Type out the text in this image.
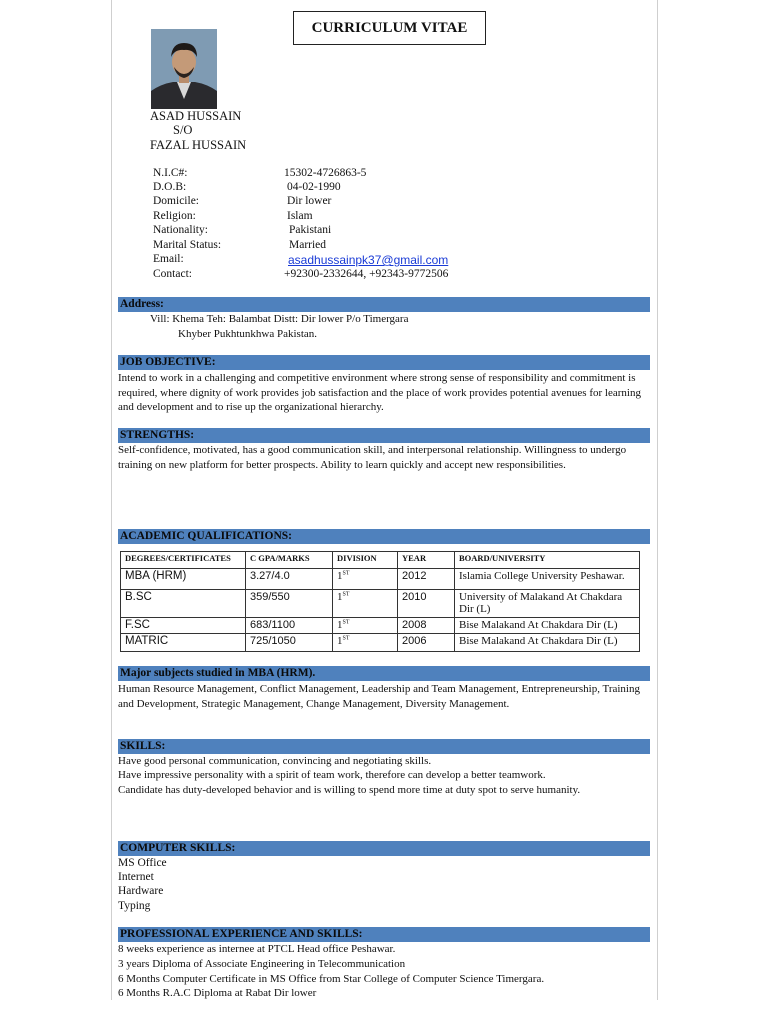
CURRICULUM VITAE
ASAD HUSSAIN
S/O
FAZAL HUSSAIN
N.I.C#:	15302-4726863-5
D.O.B:	04-02-1990
Domicile:	Dir lower
Religion:	Islam
Nationality:	Pakistani
Marital Status:	Married
Email:	asadhussainpk37@gmail.com
Contact:	+92300-2332644, +92343-9772506
Address:
Vill: Khema Teh: Balambat Distt: Dir lower P/o Timergara
Khyber Pukhtunkhwa Pakistan.
JOB OBJECTIVE:
Intend to work in a challenging and competitive environment where strong sense of responsibility and commitment is required, where dignity of work provides job satisfaction and the place of work provides potential avenues for learning and development and to rise up the organizational hierarchy.
STRENGTHS:
Self-confidence, motivated, has a good communication skill, and interpersonal relationship. Willingness to undergo training on new platform for better prospects. Ability to learn quickly and accept new responsibilities.
ACADEMIC QUALIFICATIONS:
DEGREES/CERTIFICATES	C GPA/MARKS	DIVISION	YEAR	BOARD/UNIVERSITY
MBA (HRM)	3.27/4.0	1ST	2012	Islamia College University Peshawar.
B.SC	359/550	1ST	2010	University of Malakand At Chakdara Dir (L)
F.SC	683/1100	1ST	2008	Bise Malakand At Chakdara Dir (L)
MATRIC	725/1050	1ST	2006	Bise Malakand At Chakdara Dir (L)
Major subjects studied in MBA (HRM).
Human Resource Management, Conflict Management, Leadership and Team Management, Entrepreneurship, Training and Development, Strategic Management, Change Management, Diversity Management.
SKILLS:
Have good personal communication, convincing and negotiating skills.
Have impressive personality with a spirit of team work, therefore can develop a better teamwork.
Candidate has duty-developed behavior and is willing to spend more time at duty spot to serve humanity.
COMPUTER SKILLS:
MS Office
Internet
Hardware
Typing
PROFESSIONAL EXPERIENCE AND SKILLS:
8 weeks experience as internee at PTCL Head office Peshawar.
3 years Diploma of Associate Engineering in Telecommunication
6 Months Computer Certificate in MS Office from Star College of Computer Science Timergara.
6 Months R.A.C Diploma at Rabat Dir lower
